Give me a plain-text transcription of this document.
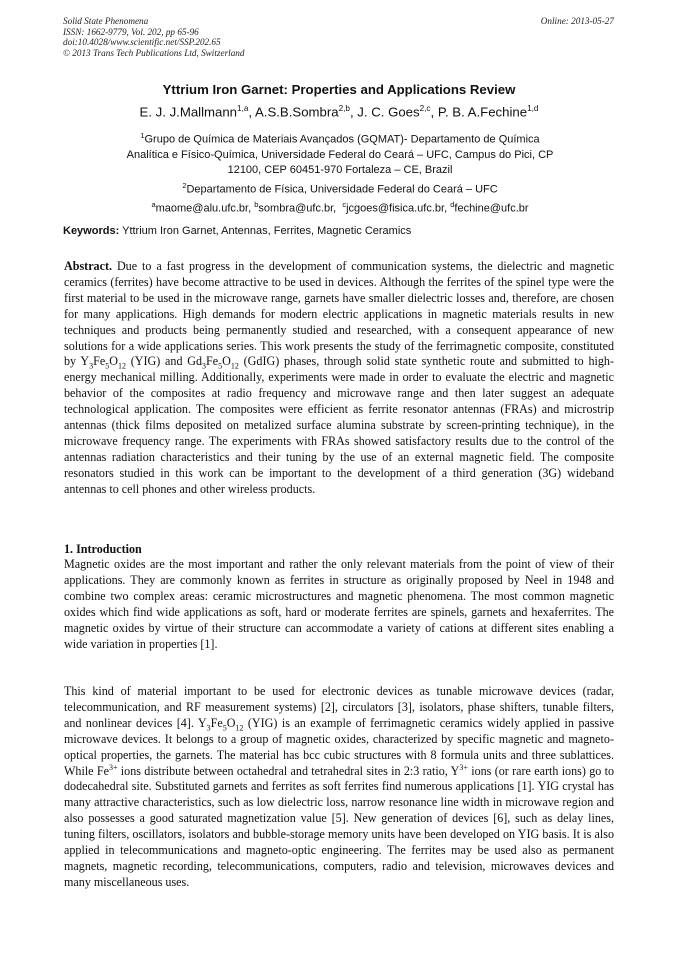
Solid State Phenomena
ISSN: 1662-9779, Vol. 202, pp 65-96
doi:10.4028/www.scientific.net/SSP.202.65
© 2013 Trans Tech Publications Ltd, Switzerland
Online: 2013-05-27
Yttrium Iron Garnet: Properties and Applications Review
E. J. J.Mallmann$^{1,a}$, A.S.B.Sombra$^{2,b}$, J. C. Goes$^{2,c}$, P. B. A.Fechine$^{1,d}$
$^1$Grupo de Química de Materiais Avançados (GQMAT)- Departamento de Química
Analítica e Físico-Química, Universidade Federal do Ceará – UFC, Campus do Pici, CP
12100, CEP 60451-970 Fortaleza – CE, Brazil
$^2$Departamento de Física, Universidade Federal do Ceará – UFC
$^a$maome@alu.ufc.br, $^b$sombra@ufc.br,  $^c$jcgoes@fisica.ufc.br, $^d$fechine@ufc.br
Keywords: Yttrium Iron Garnet, Antennas, Ferrites, Magnetic Ceramics

Abstract. Due to a fast progress in the development of communication systems, the dielectric and magnetic ceramics (ferrites) have become attractive to be used in devices. Although the ferrites of the spinel type were the first material to be used in the microwave range, garnets have smaller dielectric losses and, therefore, are chosen for many applications. High demands for modern electric applications in magnetic materials results in new techniques and products being permanently studied and researched, with a consequent appearance of new solutions for a wide applications series. This work presents the study of the ferrimagnetic composite, constituted by $Y_3Fe_5O_{12}$ (YIG) and $Gd_3Fe_5O_{12}$ (GdIG) phases, through solid state synthetic route and submitted to high-energy mechanical milling. Additionally, experiments were made in order to evaluate the electric and magnetic behavior of the composites at radio frequency and microwave range and then later suggest an adequate technological application. The composites were efficient as ferrite resonator antennas (FRAs) and microstrip antennas (thick films deposited on metalized surface alumina substrate by screen-printing technique), in the microwave frequency range. The experiments with FRAs showed satisfactory results due to the control of the antennas radiation characteristics and their tuning by the use of an external magnetic field. The composite resonators studied in this work can be important to the development of a third generation (3G) wideband antennas to cell phones and other wireless products.

1. Introduction

Magnetic oxides are the most important and rather the only relevant materials from the point of view of their applications. They are commonly known as ferrites in structure as originally proposed by Neel in 1948 and combine two complex areas: ceramic microstructures and magnetic phenomena. The most common magnetic oxides which find wide applications as soft, hard or moderate ferrites are spinels, garnets and hexaferrites. The magnetic oxides by virtue of their structure can accommodate a variety of cations at different sites enabling a wide variation in properties [1].

This kind of material important to be used for electronic devices as tunable microwave devices (radar, telecommunication, and RF measurement systems) [2], circulators [3], isolators, phase shifters, tunable filters, and nonlinear devices [4]. $Y_3Fe_5O_{12}$ (YIG) is an example of ferrimagnetic ceramics widely applied in passive microwave devices. It belongs to a group of magnetic oxides, characterized by specific magnetic and magneto-optical properties, the garnets. The material has bcc cubic structures with 8 formula units and three sublattices. While $Fe^{3+}$ ions distribute between octahedral and tetrahedral sites in 2:3 ratio, $Y^{3+}$ ions (or rare earth ions) go to dodecahedral site. Substituted garnets and ferrites as soft ferrites find numerous applications [1]. YIG crystal has many attractive characteristics, such as low dielectric loss, narrow resonance line width in microwave region and also possesses a good saturated magnetization value [5]. New generation of devices [6], such as delay lines, tuning filters, oscillators, isolators and bubble-storage memory units have been developed on YIG basis. It is also applied in telecommunications and magneto-optic engineering. The ferrites may be used also as permanent magnets, magnetic recording, telecommunications, computers, radio and television, microwaves devices and many miscellaneous uses.
